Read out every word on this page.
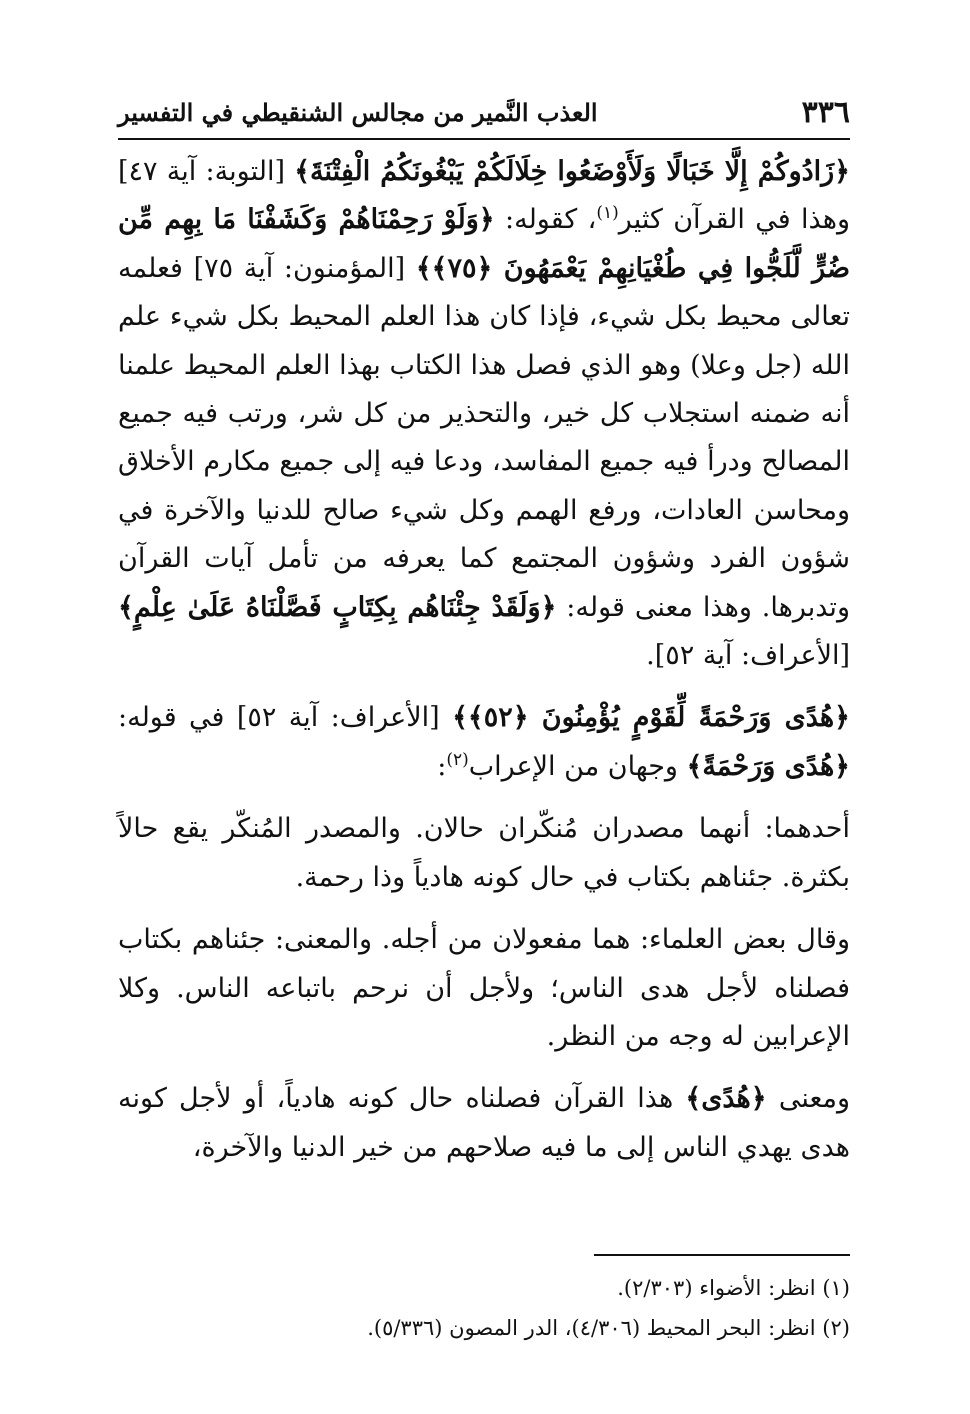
٣٣٦
العذب النَّمير من مجالس الشنقيطي في التفسير

﴿زَادُوكُمْ إِلَّا خَبَالًا وَلَأَوْضَعُوا خِلَالَكُمْ يَبْغُونَكُمُ الْفِتْنَةَ﴾ [التوبة: آية ٤٧] وهذا في القرآن كثير$^{(١)}$، كقوله: ﴿وَلَوْ رَحِمْنَاهُمْ وَكَشَفْنَا مَا بِهِم مِّن ضُرٍّ لَّلَجُّوا فِي طُغْيَانِهِمْ يَعْمَهُونَ ﴿٧٥﴾﴾ [المؤمنون: آية ٧٥] فعلمه تعالى محيط بكل شيء، فإذا كان هذا العلم المحيط بكل شيء علم الله (جل وعلا) وهو الذي فصل هذا الكتاب بهذا العلم المحيط علمنا أنه ضمنه استجلاب كل خير، والتحذير من كل شر، ورتب فيه جميع المصالح ودرأ فيه جميع المفاسد، ودعا فيه إلى جميع مكارم الأخلاق ومحاسن العادات، ورفع الهمم وكل شيء صالح للدنيا والآخرة في شؤون الفرد وشؤون المجتمع كما يعرفه من تأمل آيات القرآن وتدبرها. وهذا معنى قوله: ﴿وَلَقَدْ جِئْنَاهُم بِكِتَابٍ فَصَّلْنَاهُ عَلَىٰ عِلْمٍ﴾ [الأعراف: آية ٥٢].

﴿هُدًى وَرَحْمَةً لِّقَوْمٍ يُؤْمِنُونَ ﴿٥٢﴾﴾ [الأعراف: آية ٥٢] في قوله: ﴿هُدًى وَرَحْمَةً﴾ وجهان من الإعراب$^{(٢)}$:

أحدهما: أنهما مصدران مُنكّران حالان. والمصدر المُنكّر يقع حالاً بكثرة. جئناهم بكتاب في حال كونه هادياً وذا رحمة.

وقال بعض العلماء: هما مفعولان من أجله. والمعنى: جئناهم بكتاب فصلناه لأجل هدى الناس؛ ولأجل أن نرحم باتباعه الناس. وكلا الإعرابين له وجه من النظر.

ومعنى ﴿هُدًى﴾ هذا القرآن فصلناه حال كونه هادياً، أو لأجل كونه هدى يهدي الناس إلى ما فيه صلاحهم من خير الدنيا والآخرة،

(١) انظر: الأضواء (٢/٣٠٣).

(٢) انظر: البحر المحيط (٤/٣٠٦)، الدر المصون (٥/٣٣٦).
